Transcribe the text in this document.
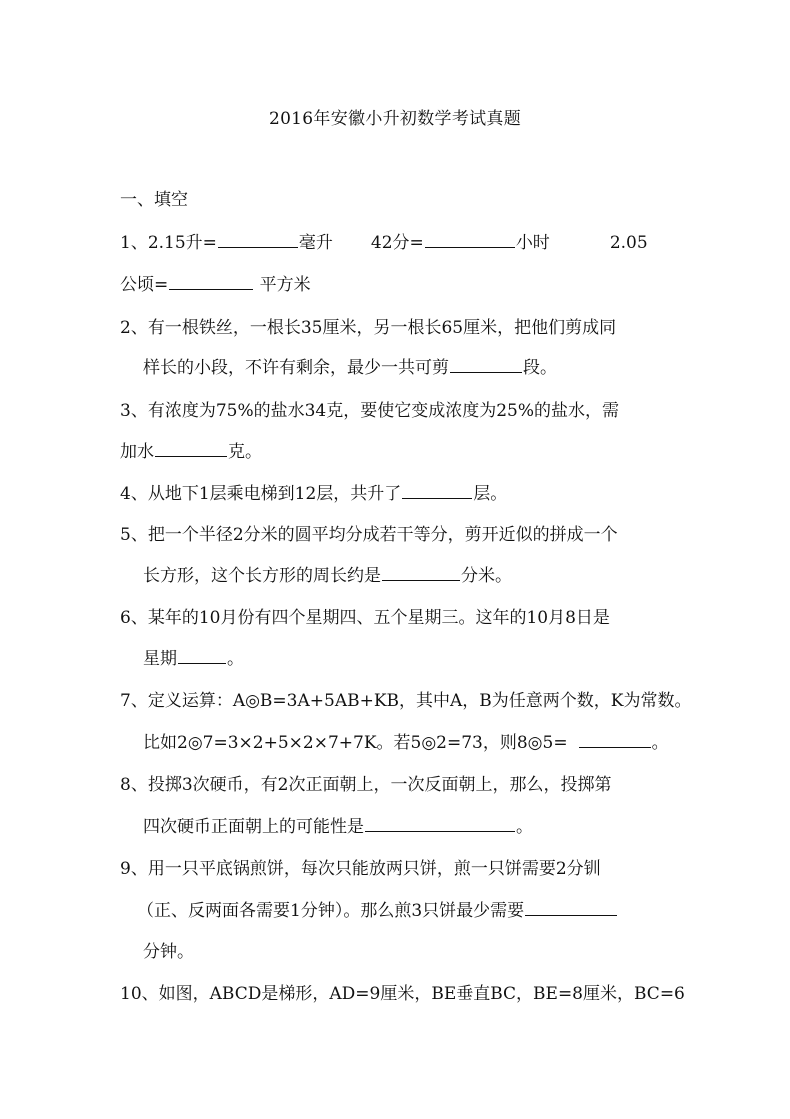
2016年安徽小升初数学考试真题
一、填空
1、2.15升=	毫升 42分=	小时	2.05
公顷=	平方米
2、有一根铁丝，一根长35厘米，另一根长65厘米，把他们剪成同
样长的小段，不许有剩余，最少一共可剪	段。
3、有浓度为75%的盐水34克，要使它变成浓度为25%的盐水，需
加水	克。
4、从地下1层乘电梯到12层，共升了	层。
5、把一个半径2分米的圆平均分成若干等分，剪开近似的拼成一个
长方形，这个长方形的周长约是	分米。
6、某年的10月份有四个星期四、五个星期三。这年的10月8日是
星期	。
7、定义运算：A◎B=3A+5AB+KB，其中A，B为任意两个数，K为常数。
比如2◎7=3×2+5×2×7+7K。若5◎2=73，则8◎5=	。
8、投掷3次硬币，有2次正面朝上，一次反面朝上，那么，投掷第
四次硬币正面朝上的可能性是	。
9、用一只平底锅煎饼，每次只能放两只饼，煎一只饼需要2分钏
（正、反两面各需要1分钟）。那么煎3只饼最少需要
分钟。
10、如图，ABCD是梯形，AD=9厘米，BE垂直BC，BE=8厘米，BC=6
